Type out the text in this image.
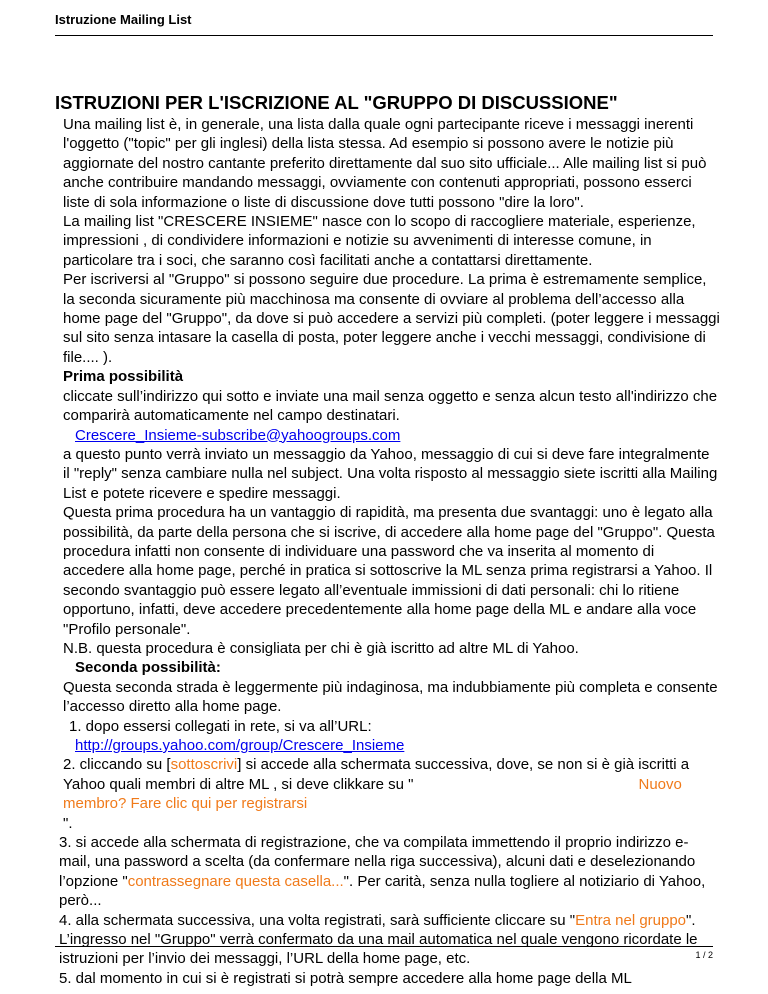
Istruzione Mailing List
ISTRUZIONI PER L'ISCRIZIONE AL "GRUPPO DI DISCUSSIONE"

Una mailing list è, in generale, una lista dalla quale ogni partecipante riceve i messaggi inerenti l'oggetto ("topic" per gli inglesi) della lista stessa. Ad esempio si possono avere le notizie più aggiornate del nostro cantante preferito direttamente dal suo sito ufficiale... Alle mailing list si può anche contribuire mandando messaggi, ovviamente con contenuti appropriati, possono esserci liste di sola informazione o liste di discussione dove tutti possono "dire la loro".

La mailing list "CRESCERE INSIEME" nasce con lo scopo di raccogliere materiale, esperienze, impressioni , di condividere informazioni e notizie su avvenimenti di interesse comune, in particolare tra i soci, che saranno così facilitati anche a contattarsi direttamente.

Per iscriversi al "Gruppo" si possono seguire due procedure. La prima è estremamente semplice, la seconda sicuramente più macchinosa ma consente di ovviare al problema dell’accesso alla home page del "Gruppo", da dove si può accedere a servizi più completi. (poter leggere i messaggi sul sito senza intasare la casella di posta, poter leggere anche i vecchi messaggi, condivisione di file.... ).

Prima possibilità

cliccate sull’indirizzo qui sotto e inviate una mail senza oggetto e senza alcun testo all'indirizzo che comparirà automaticamente nel campo destinatari.

Crescere_Insieme-subscribe@yahoogroups.com

a questo punto verrà inviato un messaggio da Yahoo, messaggio di cui si deve fare integralmente il "reply" senza cambiare nulla nel subject. Una volta risposto al messaggio siete iscritti alla Mailing List e potete ricevere e spedire messaggi.

Questa prima procedura ha un vantaggio di rapidità, ma presenta due svantaggi: uno è legato alla possibilità, da parte della persona che si iscrive, di accedere alla home page del "Gruppo". Questa procedura infatti non consente di individuare una password che va inserita al momento di accedere alla home page, perché in pratica si sottoscrive la ML senza prima registrarsi a Yahoo. Il secondo svantaggio può essere legato all’eventuale immissioni di dati personali: chi lo ritiene opportuno, infatti, deve accedere precedentemente alla home page della ML e andare alla voce "Profilo personale".

N.B. questa procedura è consigliata per chi è già iscritto ad altre ML di Yahoo.

Seconda possibilità:

Questa seconda strada è leggermente più indaginosa, ma indubbiamente più completa e consente l’accesso diretto alla home page.

1. dopo essersi collegati in rete, si va all’URL:

http://groups.yahoo.com/group/Crescere_Insieme

2. cliccando su [sottoscrivi] si accede alla schermata successiva, dove, se non si è già iscritti a Yahoo quali membri di altre ML , si deve clikkare su "	Nuovo membro? Fare clic qui per registrarsi
".

3. si accede alla schermata di registrazione, che va compilata immettendo il proprio indirizzo e-mail, una password a scelta (da confermare nella riga successiva), alcuni dati e deselezionando l’opzione "contrassegnare questa casella...". Per carità, senza nulla togliere al notiziario di Yahoo, però...

4. alla schermata successiva, una volta registrati, sarà sufficiente cliccare su "Entra nel gruppo". L’ingresso nel "Gruppo" verrà confermato da una mail automatica nel quale vengono ricordate le istruzioni per l’invio dei messaggi, l’URL della home page, etc.

5. dal momento in cui si è registrati si potrà sempre accedere alla home page della ML

1 / 2
